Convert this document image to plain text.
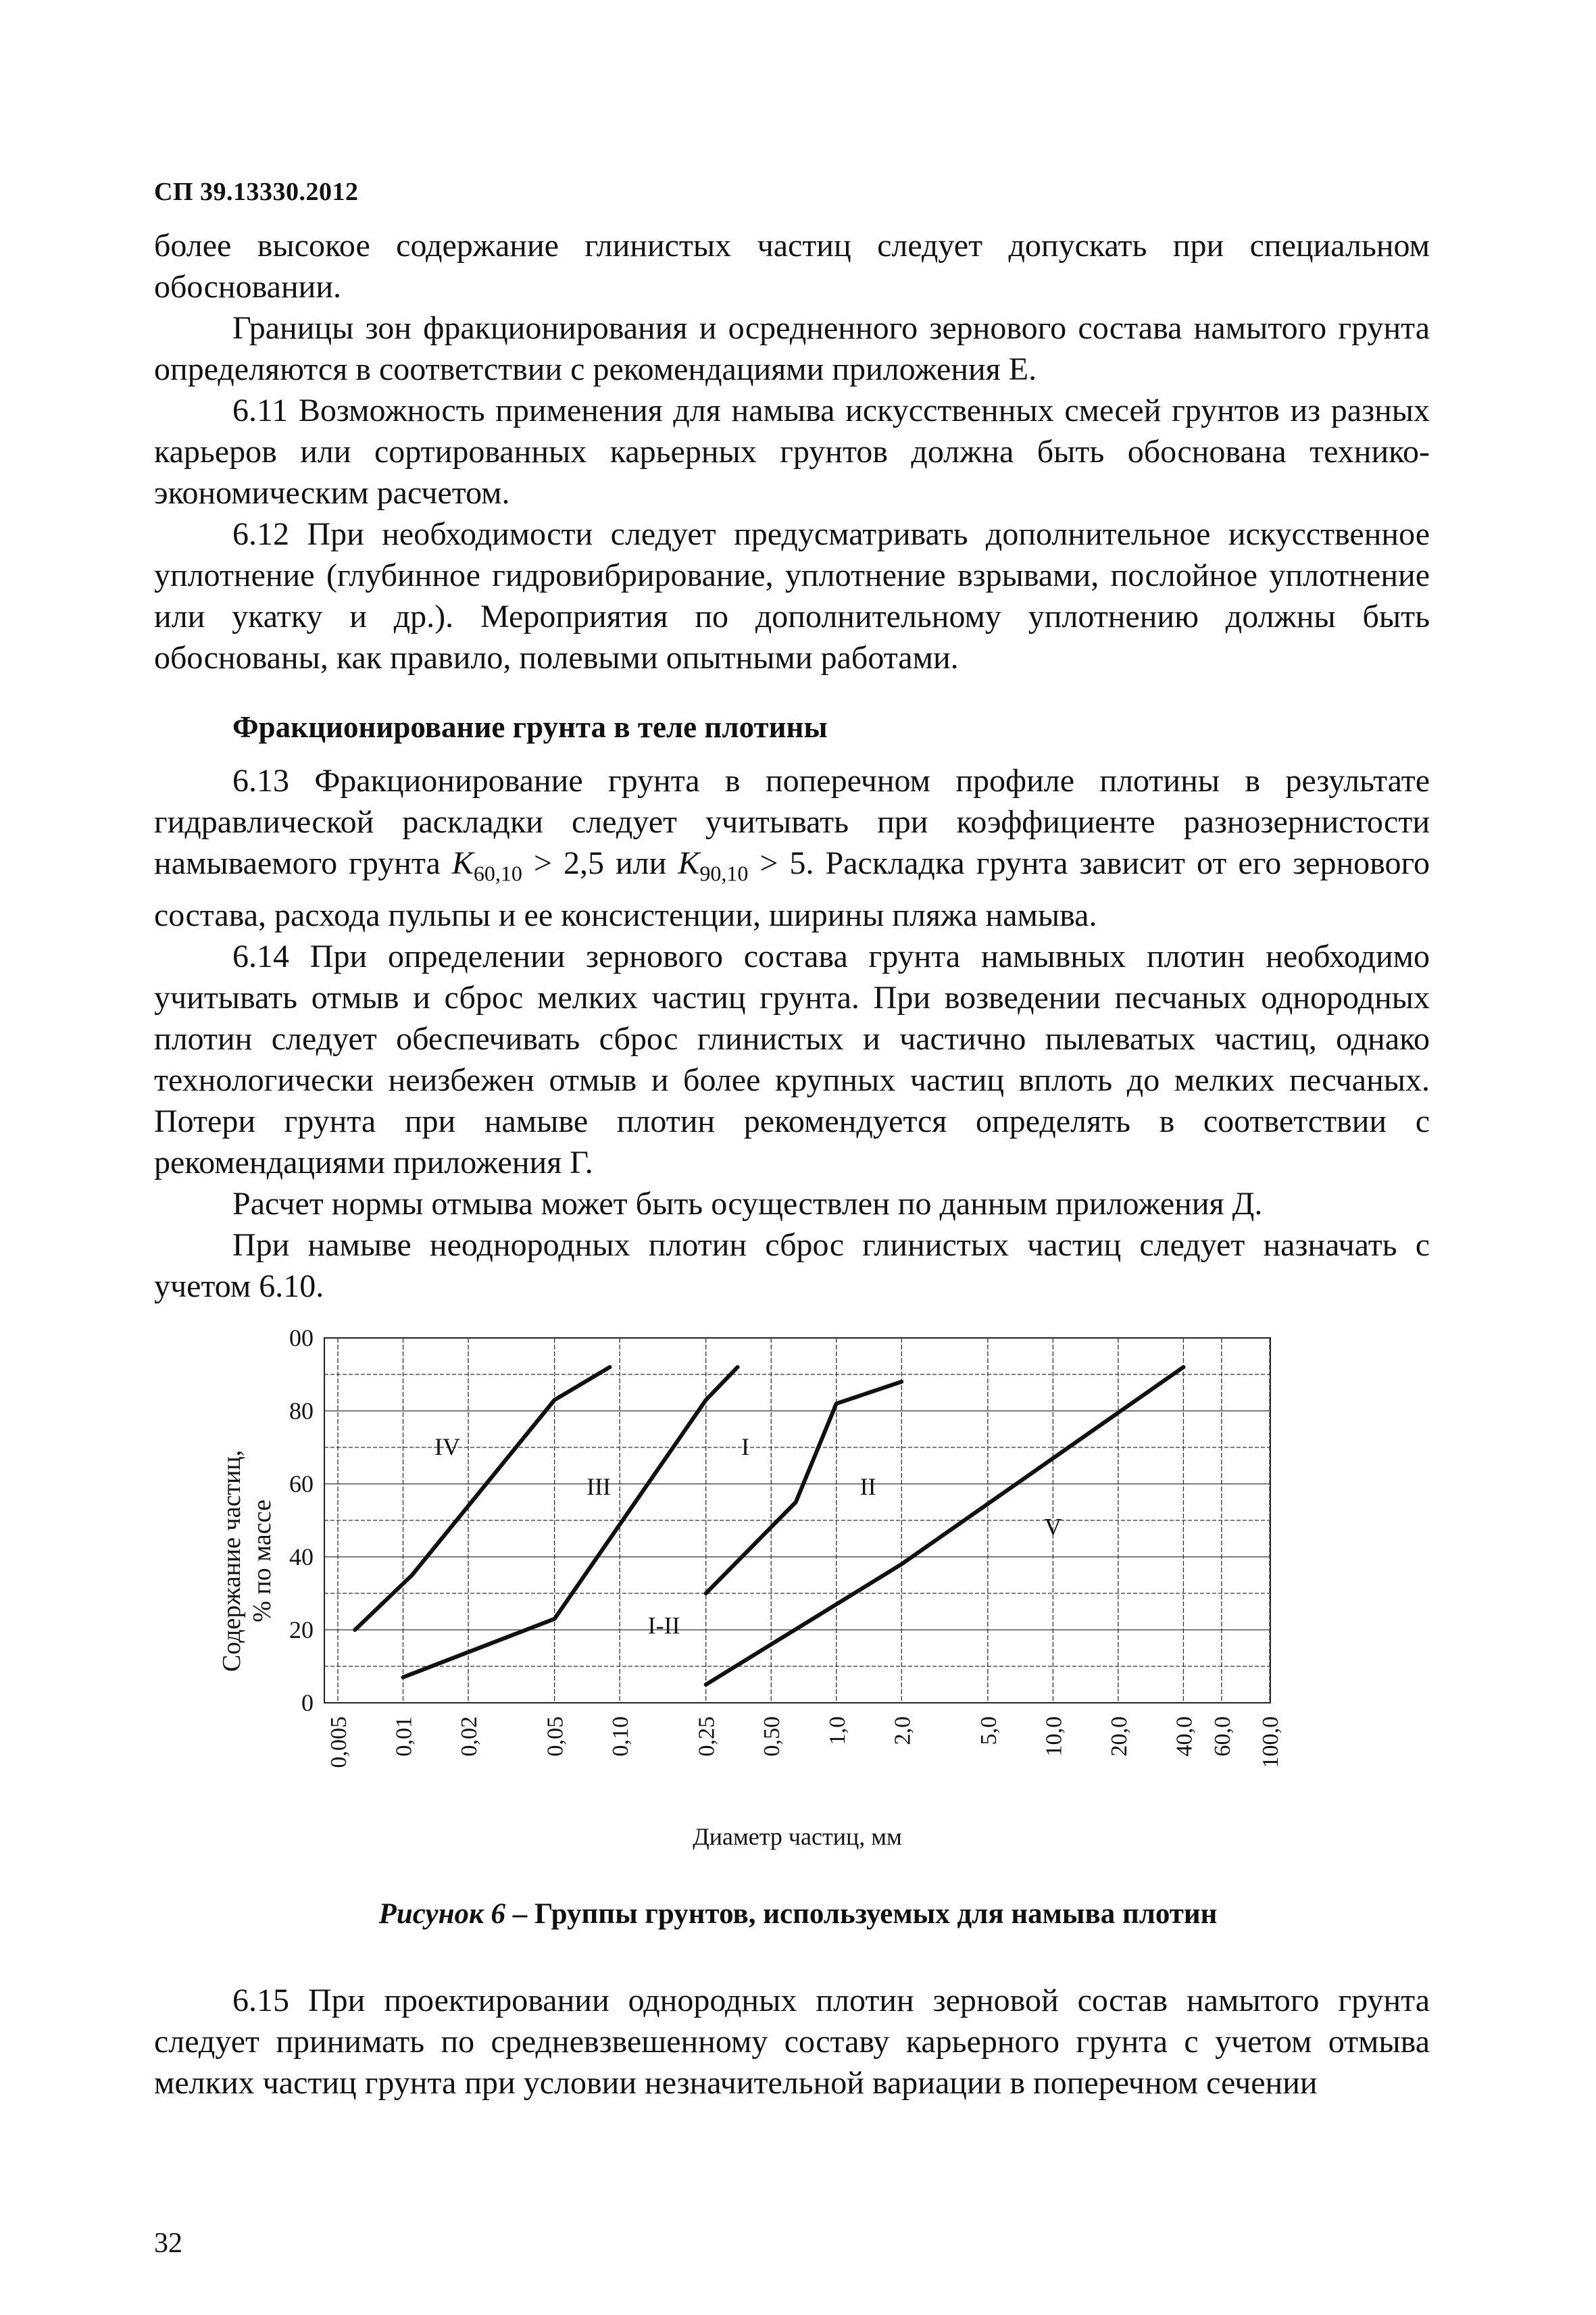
СП 39.13330.2012

более высокое содержание глинистых частиц следует допускать при специальном обосновании.

Границы зон фракционирования и осредненного зернового состава намытого грунта определяются в соответствии с рекомендациями приложения Е.

6.11 Возможность применения для намыва искусственных смесей грунтов из разных карьеров или сортированных карьерных грунтов должна быть обоснована технико-экономическим расчетом.

6.12 При необходимости следует предусматривать дополнительное искусственное уплотнение (глубинное гидровибрирование, уплотнение взрывами, послойное уплотнение или укатку и др.). Мероприятия по дополнительному уплотнению должны быть обоснованы, как правило, полевыми опытными работами.

Фракционирование грунта в теле плотины

6.13 Фракционирование грунта в поперечном профиле плотины в результате гидравлической раскладки следует учитывать при коэффициенте разнозернистости намываемого грунта $K_{60,10} > 2,5$ или $K_{90,10} > 5$. Раскладка грунта зависит от его зернового состава, расхода пульпы и ее консистенции, ширины пляжа намыва.

6.14 При определении зернового состава грунта намывных плотин необходимо учитывать отмыв и сброс мелких частиц грунта. При возведении песчаных однородных плотин следует обеспечивать сброс глинистых и частично пылеватых частиц, однако технологически неизбежен отмыв и более крупных частиц вплоть до мелких песчаных. Потери грунта при намыве плотин рекомендуется определять в соответствии с рекомендациями приложения Г.

Расчет нормы отмыва может быть осуществлен по данным приложения Д.

При намыве неоднородных плотин сброс глинистых частиц следует назначать с учетом 6.10.

0
20
40
60
80
00
0,005 0,01 0,02	0,05 0,10	0,25 0,50 1,0 2,0	5,0 10,0 20,0 40,0 60,0 100,0
Содержание частиц, % по массе
Диаметр частиц, мм
IV
III
I
II
V
I-II
Рисунок 6 – Группы грунтов, используемых для намыва плотин

6.15 При проектировании однородных плотин зерновой состав намытого грунта следует принимать по средневзвешенному составу карьерного грунта с учетом отмыва мелких частиц грунта при условии незначительной вариации в поперечном сечении

32
